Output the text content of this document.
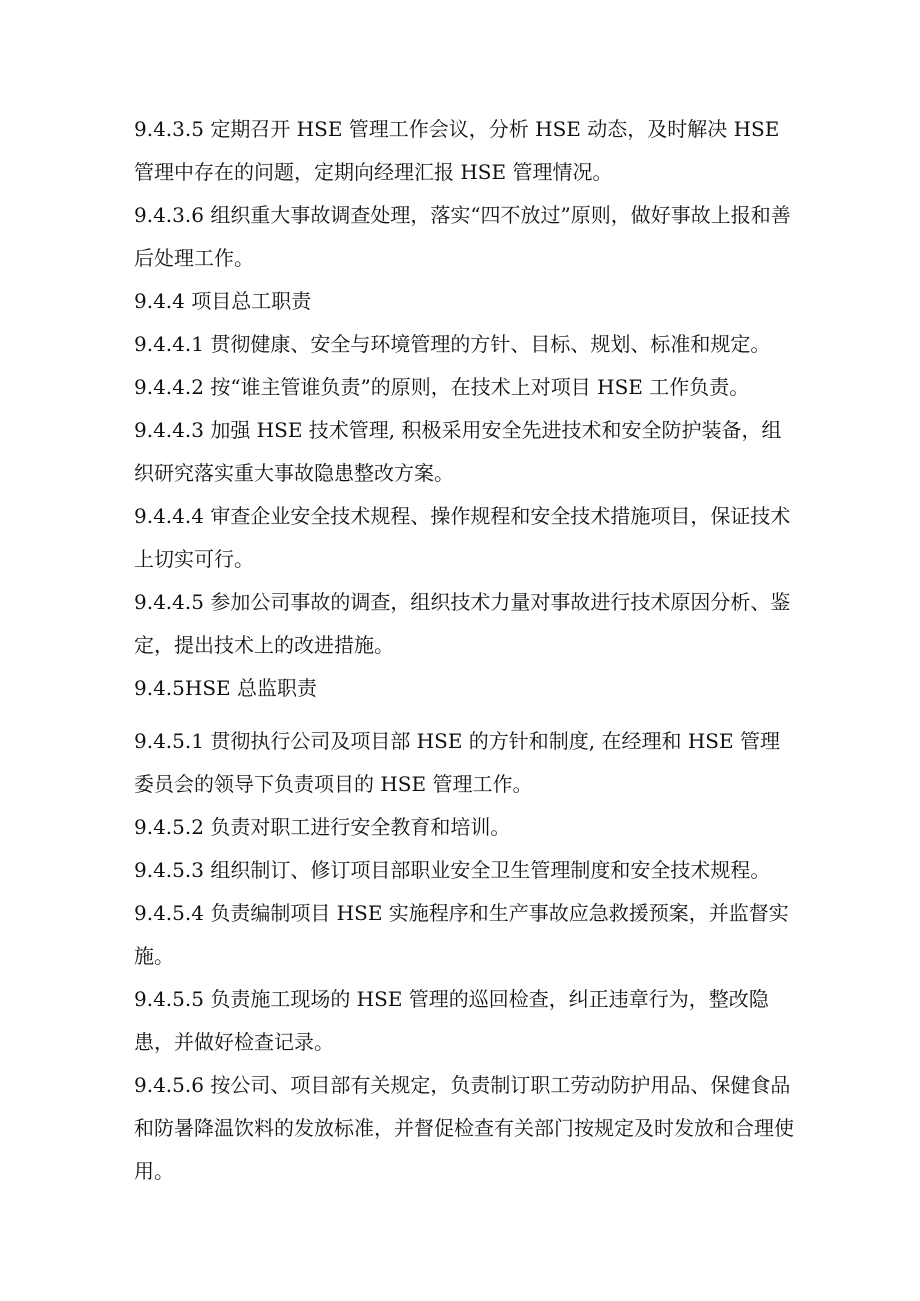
9.4.3.5 定期召开 HSE 管理工作会议，分析 HSE 动态，及时解决 HSE 管理中存在的问题，定期向经理汇报 HSE 管理情况。

9.4.3.6 组织重大事故调查处理，落实“四不放过”原则，做好事故上报和善后处理工作。

9.4.4 项目总工职责

9.4.4.1 贯彻健康、安全与环境管理的方针、目标、规划、标准和规定。

9.4.4.2 按“谁主管谁负责”的原则，在技术上对项目 HSE 工作负责。

9.4.4.3 加强 HSE 技术管理, 积极采用安全先进技术和安全防护装备，组织研究落实重大事故隐患整改方案。

9.4.4.4 审查企业安全技术规程、操作规程和安全技术措施项目，保证技术上切实可行。

9.4.4.5 参加公司事故的调查，组织技术力量对事故进行技术原因分析、鉴定，提出技术上的改进措施。

9.4.5HSE 总监职责

9.4.5.1 贯彻执行公司及项目部 HSE 的方针和制度, 在经理和 HSE 管理委员会的领导下负责项目的 HSE 管理工作。

9.4.5.2 负责对职工进行安全教育和培训。

9.4.5.3 组织制订、修订项目部职业安全卫生管理制度和安全技术规程。

9.4.5.4 负责编制项目 HSE 实施程序和生产事故应急救援预案，并监督实施。

9.4.5.5 负责施工现场的 HSE 管理的巡回检查，纠正违章行为，整改隐患，并做好检查记录。

9.4.5.6 按公司、项目部有关规定，负责制订职工劳动防护用品、保健食品和防暑降温饮料的发放标准，并督促检查有关部门按规定及时发放和合理使用。
